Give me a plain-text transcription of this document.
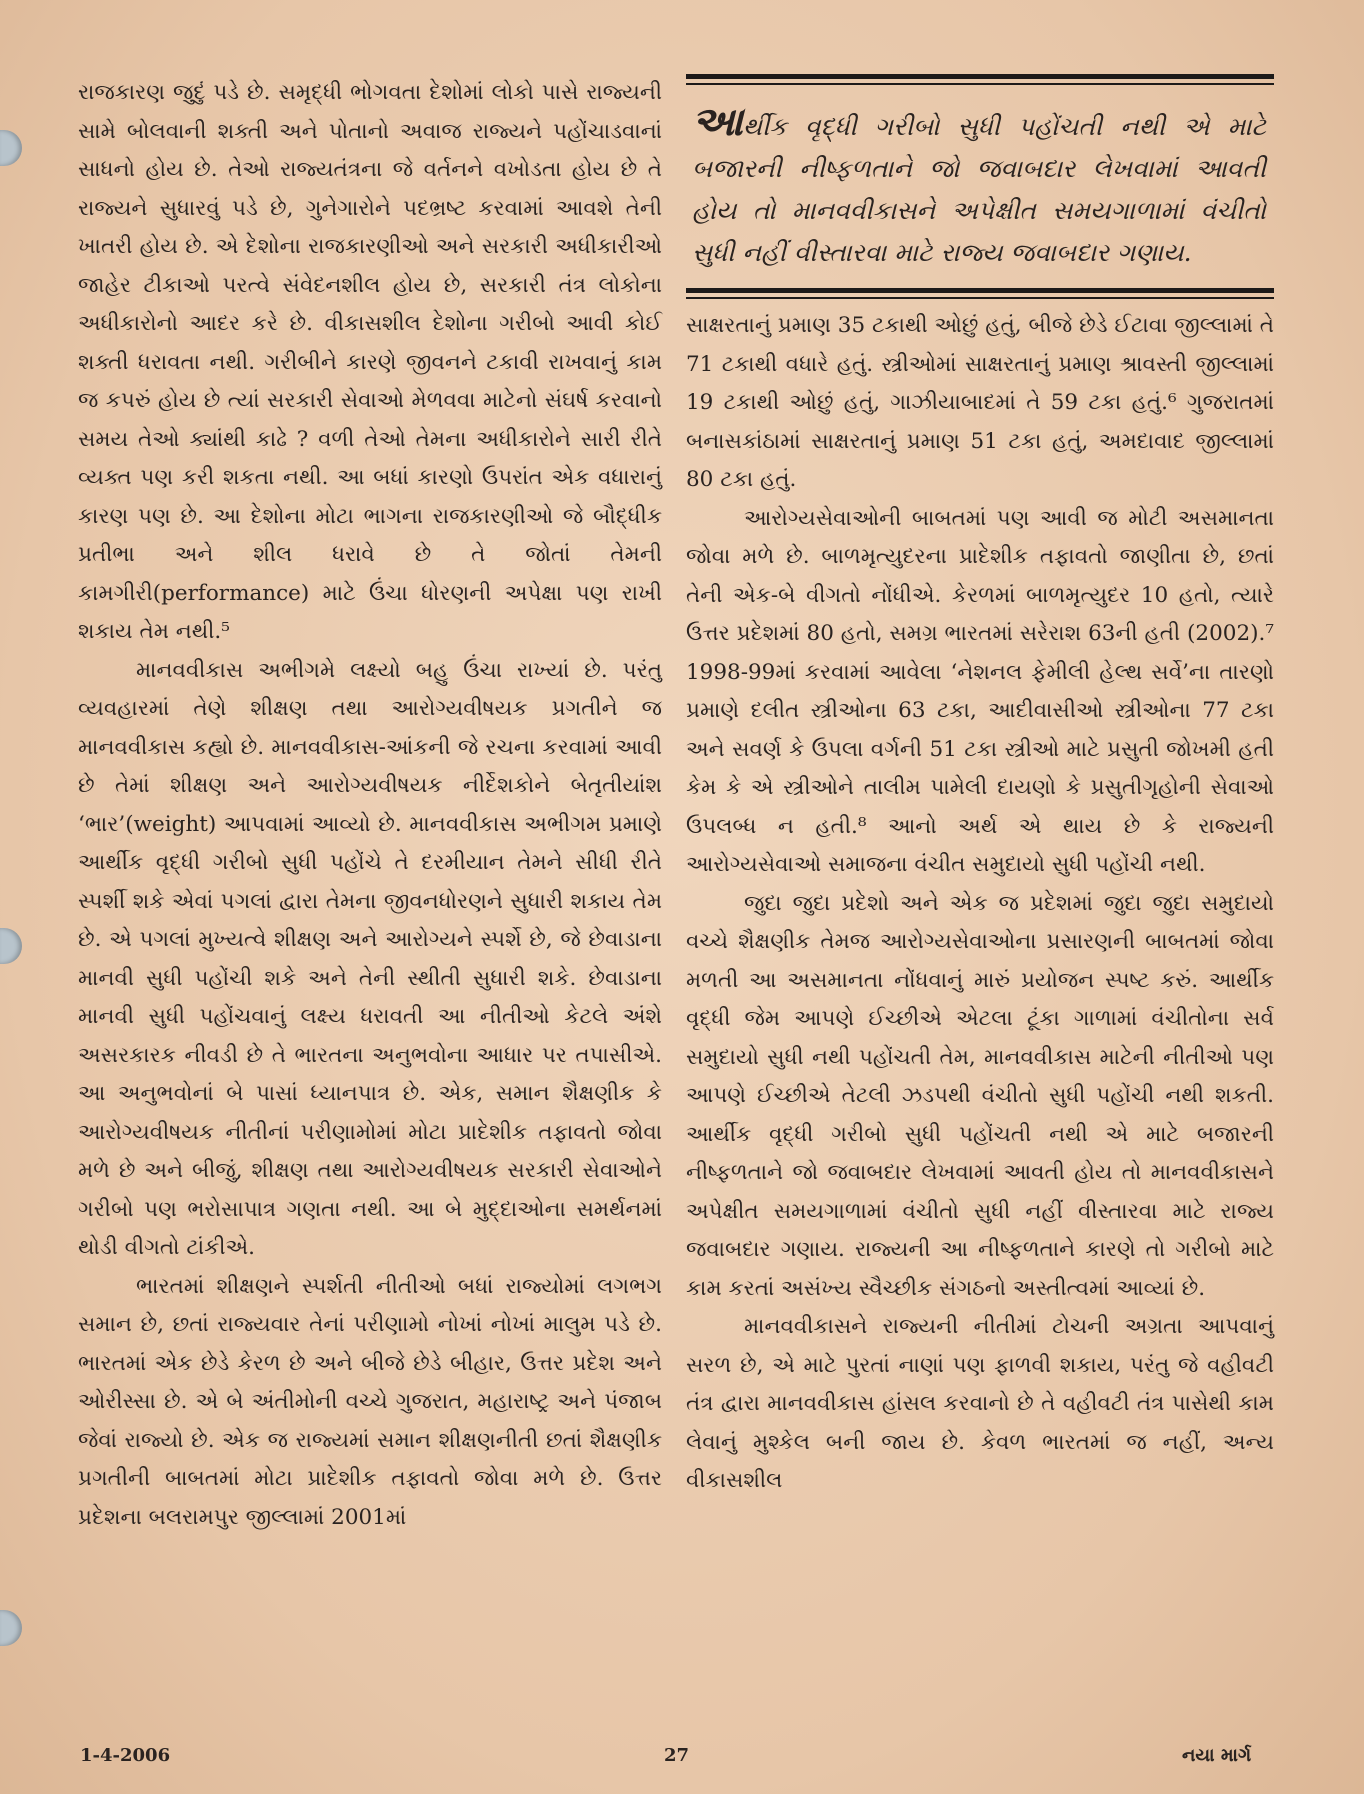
રાજકારણ જુદું પડે છે. સમૃદ્ધી ભોગવતા દેશોમાં લોકો પાસે રાજ્યની સામે બોલવાની શક્તી અને પોતાનો અવાજ રાજ્યને પહોંચાડવાનાં સાધનો હોય છે. તેઓ રાજ્યતંત્રના જે વર્તનને વખોડતા હોય છે તે રાજ્યને સુધારવું પડે છે, ગુનેગારોને પદભ્રષ્ટ કરવામાં આવશે તેની ખાતરી હોય છે. એ દેશોના રાજકારણીઓ અને સરકારી અધીકારીઓ જાહેર ટીકાઓ પરત્વે સંવેદનશીલ હોય છે, સરકારી તંત્ર લોકોના અધીકારોનો આદર કરે છે. વીકાસશીલ દેશોના ગરીબો આવી કોઈ શક્તી ધરાવતા નથી. ગરીબીને કારણે જીવનને ટકાવી રાખવાનું કામ જ કપરું હોય છે ત્યાં સરકારી સેવાઓ મેળવવા માટેનો સંઘર્ષ કરવાનો સમય તેઓ ક્યાંથી કાઢે ? વળી તેઓ તેમના અધીકારોને સારી રીતે વ્યક્ત પણ કરી શકતા નથી. આ બધાં કારણો ઉપરાંત એક વધારાનું કારણ પણ છે. આ દેશોના મોટા ભાગના રાજકારણીઓ જે બૌદ્ધીક પ્રતીભા અને શીલ ધરાવે છે તે જોતાં તેમની કામગીરી(performance) માટે ઉંચા ધોરણની અપેક્ષા પણ રાખી શકાય તેમ નથી.⁵

માનવવીકાસ અભીગમે લક્ષ્યો બહુ ઉંચા રાખ્યાં છે. પરંતુ વ્યવહારમાં તેણે શીક્ષણ તથા આરોગ્યવીષયક પ્રગતીને જ માનવવીકાસ કહ્યો છે. માનવવીકાસ-આંકની જે રચના કરવામાં આવી છે તેમાં શીક્ષણ અને આરોગ્યવીષયક નીર્દેશકોને બેતૃતીયાંશ ‘ભાર’(weight) આપવામાં આવ્યો છે. માનવવીકાસ અભીગમ પ્રમાણે આર્થીક વૃદ્ધી ગરીબો સુધી પહોંચે તે દરમીયાન તેમને સીધી રીતે સ્પર્શી શકે એવાં પગલાં દ્વારા તેમના જીવનધોરણને સુધારી શકાય તેમ છે. એ પગલાં મુખ્યત્વે શીક્ષણ અને આરોગ્યને સ્પર્શે છે, જે છેવાડાના માનવી સુધી પહોંચી શકે અને તેની સ્થીતી સુધારી શકે. છેવાડાના માનવી સુધી પહોંચવાનું લક્ષ્ય ધરાવતી આ નીતીઓ કેટલે અંશે અસરકારક નીવડી છે તે ભારતના અનુભવોના આધાર પર તપાસીએ. આ અનુભવોનાં બે પાસાં ધ્યાનપાત્ર છે. એક, સમાન શૈક્ષણીક કે આરોગ્યવીષયક નીતીનાં પરીણામોમાં મોટા પ્રાદેશીક તફાવતો જોવા મળે છે અને બીજું, શીક્ષણ તથા આરોગ્યવીષયક સરકારી સેવાઓને ગરીબો પણ ભરોસાપાત્ર ગણતા નથી. આ બે મુદ્દાઓના સમર્થનમાં થોડી વીગતો ટાંકીએ.

ભારતમાં શીક્ષણને સ્પર્શતી નીતીઓ બધાં રાજ્યોમાં લગભગ સમાન છે, છતાં રાજ્યવાર તેનાં પરીણામો નોખાં નોખાં માલુમ પડે છે. ભારતમાં એક છેડે કેરળ છે અને બીજે છેડે બીહાર, ઉત્તર પ્રદેશ અને ઓરીસ્સા છે. એ બે અંતીમોની વચ્ચે ગુજરાત, મહારાષ્ટ્ર અને પંજાબ જેવાં રાજ્યો છે. એક જ રાજ્યમાં સમાન શીક્ષણનીતી છતાં શૈક્ષણીક પ્રગતીની બાબતમાં મોટા પ્રાદેશીક તફાવતો જોવા મળે છે. ઉત્તર પ્રદેશના બલરામપુર જીલ્લામાં 2001માં

આર્થીક વૃદ્ધી ગરીબો સુધી પહોંચતી નથી એ માટે બજારની નીષ્ફળતાને જો જવાબદાર લેખવામાં આવતી હોય તો માનવવીકાસને અપેક્ષીત સમયગાળામાં વંચીતો સુધી નહીં વીસ્તારવા માટે રાજ્ય જવાબદાર ગણાય.

સાક્ષરતાનું પ્રમાણ 35 ટકાથી ઓછું હતું, બીજે છેડે ઈટાવા જીલ્લામાં તે 71 ટકાથી વધારે હતું. સ્ત્રીઓમાં સાક્ષરતાનું પ્રમાણ શ્રાવસ્તી જીલ્લામાં 19 ટકાથી ઓછું હતું, ગાઝીયાબાદમાં તે 59 ટકા હતું.⁶ ગુજરાતમાં બનાસકાંઠામાં સાક્ષરતાનું પ્રમાણ 51 ટકા હતું, અમદાવાદ જીલ્લામાં 80 ટકા હતું.

આરોગ્યસેવાઓની બાબતમાં પણ આવી જ મોટી અસમાનતા જોવા મળે છે. બાળમૃત્યુદરના પ્રાદેશીક તફાવતો જાણીતા છે, છતાં તેની એક-બે વીગતો નોંધીએ. કેરળમાં બાળમૃત્યુદર 10 હતો, ત્યારે ઉત્તર પ્રદેશમાં 80 હતો, સમગ્ર ભારતમાં સરેરાશ 63ની હતી (2002).⁷ 1998-99માં કરવામાં આવેલા ‘નેશનલ ફેમીલી હેલ્થ સર્વે’ના તારણો પ્રમાણે દલીત સ્ત્રીઓના 63 ટકા, આદીવાસીઓ સ્ત્રીઓના 77 ટકા અને સવર્ણ કે ઉપલા વર્ગની 51 ટકા સ્ત્રીઓ માટે પ્રસુતી જોખમી હતી કેમ કે એ સ્ત્રીઓને તાલીમ પામેલી દાયણો કે પ્રસુતીગૃહોની સેવાઓ ઉપલબ્ધ ન હતી.⁸ આનો અર્થ એ થાય છે કે રાજ્યની આરોગ્યસેવાઓ સમાજના વંચીત સમુદાયો સુધી પહોંચી નથી.

જુદા જુદા પ્રદેશો અને એક જ પ્રદેશમાં જુદા જુદા સમુદાયો વચ્ચે શૈક્ષણીક તેમજ આરોગ્યસેવાઓના પ્રસારણની બાબતમાં જોવા મળતી આ અસમાનતા નોંધવાનું મારું પ્રયોજન સ્પષ્ટ કરું. આર્થીક વૃદ્ધી જેમ આપણે ઈચ્છીએ એટલા ટૂંકા ગાળામાં વંચીતોના સર્વ સમુદાયો સુધી નથી પહોંચતી તેમ, માનવવીકાસ માટેની નીતીઓ પણ આપણે ઈચ્છીએ તેટલી ઝડપથી વંચીતો સુધી પહોંચી નથી શકતી. આર્થીક વૃદ્ધી ગરીબો સુધી પહોંચતી નથી એ માટે બજારની નીષ્ફળતાને જો જવાબદાર લેખવામાં આવતી હોય તો માનવવીકાસને અપેક્ષીત સમયગાળામાં વંચીતો સુધી નહીં વીસ્તારવા માટે રાજ્ય જવાબદાર ગણાય. રાજ્યની આ નીષ્ફળતાને કારણે તો ગરીબો માટે કામ કરતાં અસંખ્ય સ્વૈચ્છીક સંગઠનો અસ્તીત્વમાં આવ્યાં છે.

માનવવીકાસને રાજ્યની નીતીમાં ટોચની અગ્રતા આપવાનું સરળ છે, એ માટે પુરતાં નાણાં પણ ફાળવી શકાય, પરંતુ જે વહીવટી તંત્ર દ્વારા માનવવીકાસ હાંસલ કરવાનો છે તે વહીવટી તંત્ર પાસેથી કામ લેવાનું મુશ્કેલ બની જાય છે. કેવળ ભારતમાં જ નહીં, અન્ય વીકાસશીલ

1-4-2006	27	નયા માર્ગ
